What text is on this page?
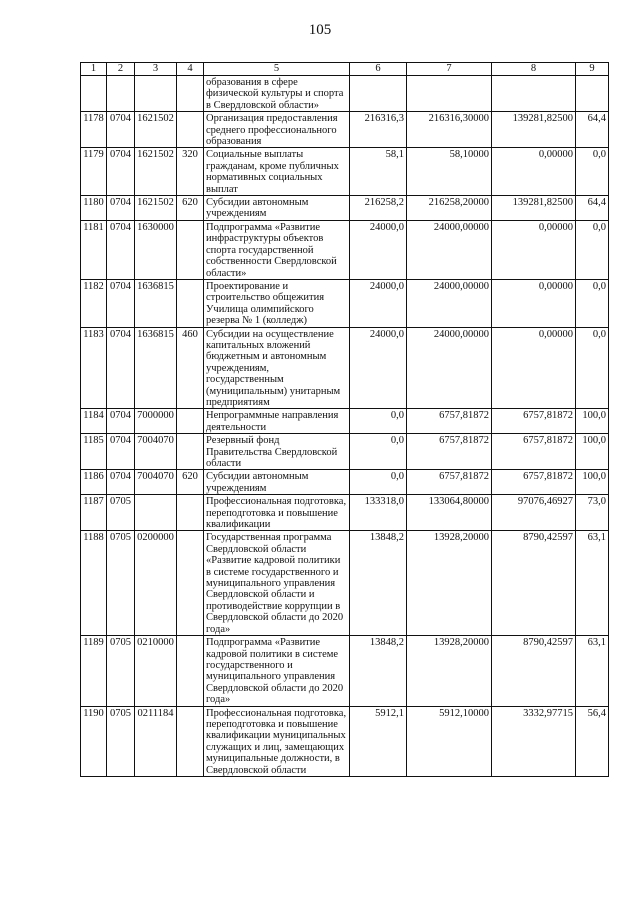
105
1	2	3	4	5	6	7	8	9
				образования в сфере физической культуры и спорта в Свердловской области»				
1178	0704	1621502		Организация предоставления среднего профессионального образования	216316,3	216316,30000	139281,82500	64,4
1179	0704	1621502	320	Социальные выплаты гражданам, кроме публичных нормативных социальных выплат	58,1	58,10000	0,00000	0,0
1180	0704	1621502	620	Субсидии автономным учреждениям	216258,2	216258,20000	139281,82500	64,4
1181	0704	1630000		Подпрограмма «Развитие инфраструктуры объектов спорта государственной собственности Свердловской области»	24000,0	24000,00000	0,00000	0,0
1182	0704	1636815		Проектирование и строительство общежития Училища олимпийского резерва № 1 (колледж)	24000,0	24000,00000	0,00000	0,0
1183	0704	1636815	460	Субсидии на осуществление капитальных вложений бюджетным и автономным учреждениям, государственным (муниципальным) унитарным предприятиям	24000,0	24000,00000	0,00000	0,0
1184	0704	7000000		Непрограммные направления деятельности	0,0	6757,81872	6757,81872	100,0
1185	0704	7004070		Резервный фонд Правительства Свердловской области	0,0	6757,81872	6757,81872	100,0
1186	0704	7004070	620	Субсидии автономным учреждениям	0,0	6757,81872	6757,81872	100,0
1187	0705			Профессиональная подготовка, переподготовка и повышение квалификации	133318,0	133064,80000	97076,46927	73,0
1188	0705	0200000		Государственная программа Свердловской области «Развитие кадровой политики в системе государственного и муниципального управления Свердловской области и противодействие коррупции в Свердловской области до 2020 года»	13848,2	13928,20000	8790,42597	63,1
1189	0705	0210000		Подпрограмма «Развитие кадровой политики в системе государственного и муниципального управления Свердловской области до 2020 года»	13848,2	13928,20000	8790,42597	63,1
1190	0705	0211184		Профессиональная подготовка, переподготовка и повышение квалификации муниципальных служащих и лиц, замещающих муниципальные должности, в Свердловской области	5912,1	5912,10000	3332,97715	56,4
